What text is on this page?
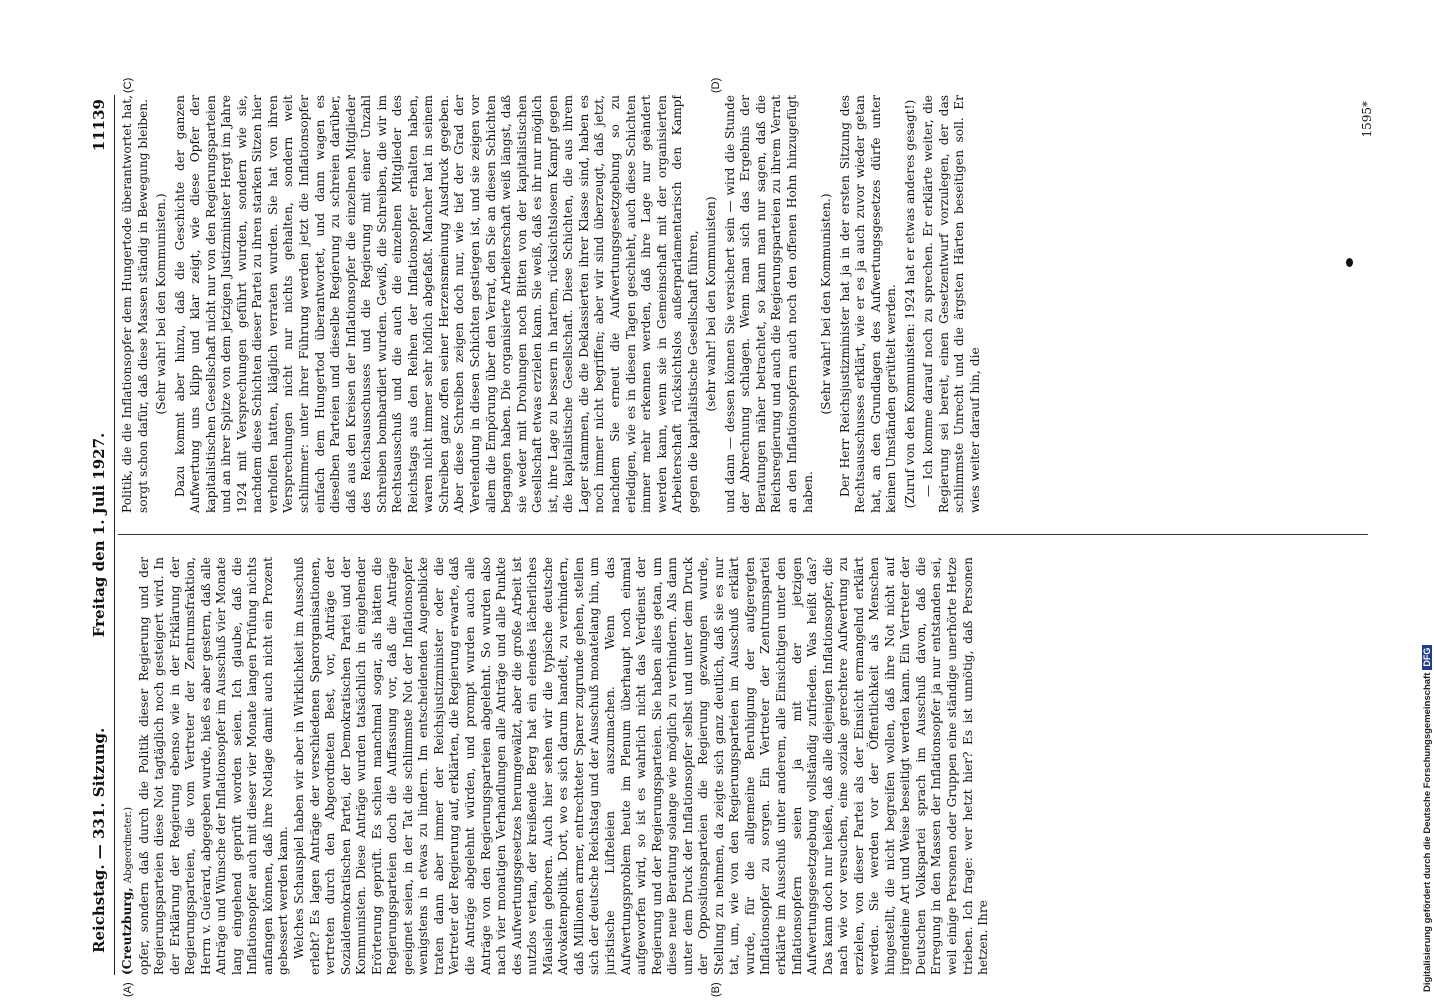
Reichstag. — 331. Sitzung.
Freitag den 1. Juli 1927.
11139
(A)	(B)
(C)	(D)

(Creutzburg, Abgeordneter.) opfer, sondern daß durch die Politik dieser Regierung und der Regierungsparteien diese Not tagtäglich noch gesteigert wird. In der Erklärung der Regierung ebenso wie in der Erklärung der Regierungsparteien, die vom Vertreter der Zentrumsfraktion, Herrn v. Guérard, abgegeben wurde, hieß es aber gestern, daß alle Anträge und Wünsche der Inflationsopfer im Ausschuß vier Monate lang eingehend geprüft worden seien. Ich glaube, daß die Inflationsopfer auch mit dieser vier Monate langen Prüfung nichts anfangen können, daß ihre Notlage damit auch nicht ein Prozent gebessert werden kann. Welches Schauspiel haben wir aber in Wirklichkeit im Ausschuß erlebt? Es lagen Anträge der verschiedenen Sparorganisationen, vertreten durch den Abgeordneten Best, vor, Anträge der Sozialdemokratischen Partei, der Demokratischen Partei und der Kommunisten. Diese Anträge wurden tatsächlich in eingehender Erörterung geprüft. Es schien manchmal sogar, als hätten die Regierungsparteien doch die Auffassung vor, daß die Anträge geeignet seien, in der Tat die schlimmste Not der Inflationsopfer wenigstens in etwas zu lindern. Im entscheidenden Augenblicke traten dann aber immer der Reichsjustizminister oder die Vertreter der Regierung auf, erklärten, die Regierung erwarte, daß die Anträge abgelehnt würden, und prompt wurden auch alle Anträge von den Regierungsparteien abgelehnt. So wurden also nach vier monatigen Verhandlungen alle Anträge und alle Punkte des Aufwertungsgesetzes herumgewälzt, aber die große Arbeit ist nutzlos vertan, der kreißende Berg hat ein elendes lächerliches Mäuslein geboren. Auch hier sehen wir die typische deutsche Advokatenpolitik. Dort, wo es sich darum handelt, zu verhindern, daß Millionen armer, entrechteter Sparer zugrunde gehen, stellen sich der deutsche Reichstag und der Ausschuß monatelang hin, um juristische Lüfteleien auszumachen. Wenn das Aufwertungsproblem heute im Plenum überhaupt noch einmal aufgeworfen wird, so ist es wahrlich nicht das Verdienst der Regierung und der Regierungsparteien. Sie haben alles getan, um diese neue Beratung solange wie möglich zu verhindern. Als dann unter dem Druck der Inflationsopfer selbst und unter dem Druck der Oppositionsparteien die Regierung gezwungen wurde, Stellung zu nehmen, da zeigte sich ganz deutlich, daß sie es nur tat, um, wie von den Regierungsparteien im Ausschuß erklärt wurde, für die allgemeine Beruhigung der aufgeregten Inflationsopfer zu sorgen. Ein Vertreter der Zentrumspartei erklärte im Ausschuß unter anderem, alle Einsichtigen unter den Inflationsopfern seien ja mit der jetzigen Aufwertungsgesetzgebung vollständig zufrieden. Was heißt das? Das kann doch nur heißen, daß alle diejenigen Inflationsopfer, die nach wie vor versuchen, eine soziale gerechtere Aufwertung zu erzielen, von dieser Partei als der Einsicht ermangelnd erklärt werden. Sie werden vor der Öffentlichkeit als Menschen hingestellt, die nicht begreifen wollen, daß ihre Not nicht auf irgendeine Art und Weise beseitigt werden kann. Ein Vertreter der Deutschen Volkspartei sprach im Ausschuß davon, daß die Erregung in den Massen der Inflationsopfer ja nur entstanden sei, weil einige Personen oder Gruppen eine ständige unerhörte Hetze trieben. Ich frage: wer hetzt hier? Es ist unnötig, daß Personen hetzen. Ihre

Politik, die die Inflationsopfer dem Hungertode überantwortet hat, sorgt schon dafür, daß diese Massen ständig in Bewegung bleiben. (Sehr wahr! bei den Kommunisten.) Dazu kommt aber hinzu, daß die Geschichte der ganzen Aufwertung uns klipp und klar zeigt, wie diese Opfer der kapitalistischen Gesellschaft nicht nur von den Regierungsparteien und an ihrer Spitze von dem jetzigen Justizminister Hergt im Jahre 1924 mit Versprechungen geführt wurden, sondern wie sie, nachdem diese Schichten dieser Partei zu ihren starken Sitzen hier verholfen hatten, kläglich verraten wurden. Sie hat von ihren Versprechungen nicht nur nichts gehalten, sondern weit schlimmer: unter ihrer Führung werden jetzt die Inflationsopfer einfach dem Hungertod überantwortet, und dann wagen es dieselben Parteien und dieselbe Regierung zu schreien darüber, daß aus den Kreisen der Inflationsopfer die einzelnen Mitglieder des Reichsausschusses und die Regierung mit einer Unzahl Schreiben bombardiert wurden. Gewiß, die Schreiben, die wir im Rechtsausschuß und die auch die einzelnen Mitglieder des Reichstags aus den Reihen der Inflationsopfer erhalten haben, waren nicht immer sehr höflich abgefaßt. Mancher hat in seinem Schreiben ganz offen seiner Herzensmeinung Ausdruck gegeben. Aber diese Schreiben zeigen doch nur, wie tief der Grad der Verelendung in diesen Schichten gestiegen ist, und sie zeigen vor allem die Empörung über den Verrat, den Sie an diesen Schichten begangen haben. Die organisierte Arbeiterschaft weiß längst, daß sie weder mit Drohungen noch Bitten von der kapitalistischen Gesellschaft etwas erzielen kann. Sie weiß, daß es ihr nur möglich ist, ihre Lage zu bessern in hartem, rücksichtslosem Kampf gegen die kapitalistische Gesellschaft. Diese Schichten, die aus ihrem Lager stammen, die die Deklassierten ihrer Klasse sind, haben es noch immer nicht begriffen; aber wir sind überzeugt, daß jetzt, nachdem Sie erneut die Aufwertungsgesetzgebung so zu erledigen, wie es in diesen Tagen geschieht, auch diese Schichten immer mehr erkennen werden, daß ihre Lage nur geändert werden kann, wenn sie in Gemeinschaft mit der organisierten Arbeiterschaft rücksichtslos außerparlamentarisch den Kampf gegen die kapitalistische Gesellschaft führen, (sehr wahr! bei den Kommunisten) und dann — dessen können Sie versichert sein — wird die Stunde der Abrechnung schlagen. Wenn man sich das Ergebnis der Beratungen näher betrachtet, so kann man nur sagen, daß die Reichsregierung und auch die Regierungsparteien zu ihrem Verrat an den Inflationsopfern auch noch den offenen Hohn hinzugefügt haben.

(Sehr wahr! bei den Kommunisten.) Der Herr Reichsjustizminister hat ja in der ersten Sitzung des Rechtsausschusses erklärt, wie er es ja auch zuvor wieder getan hat, an den Grundlagen des Aufwertungsgesetzes dürfe unter keinen Umständen gerüttelt werden. (Zuruf von den Kommunisten: 1924 hat er etwas anderes gesagt!) — Ich komme darauf noch zu sprechen. Er erklärte weiter, die Regierung sei bereit, einen Gesetzentwurf vorzulegen, der das schlimmste Unrecht und die ärgsten Härten beseitigen soll. Er wies weiter darauf hin, die

1595*
Digitalisierung gefördert durch die Deutsche ForschungsgemeinschaftDFG
